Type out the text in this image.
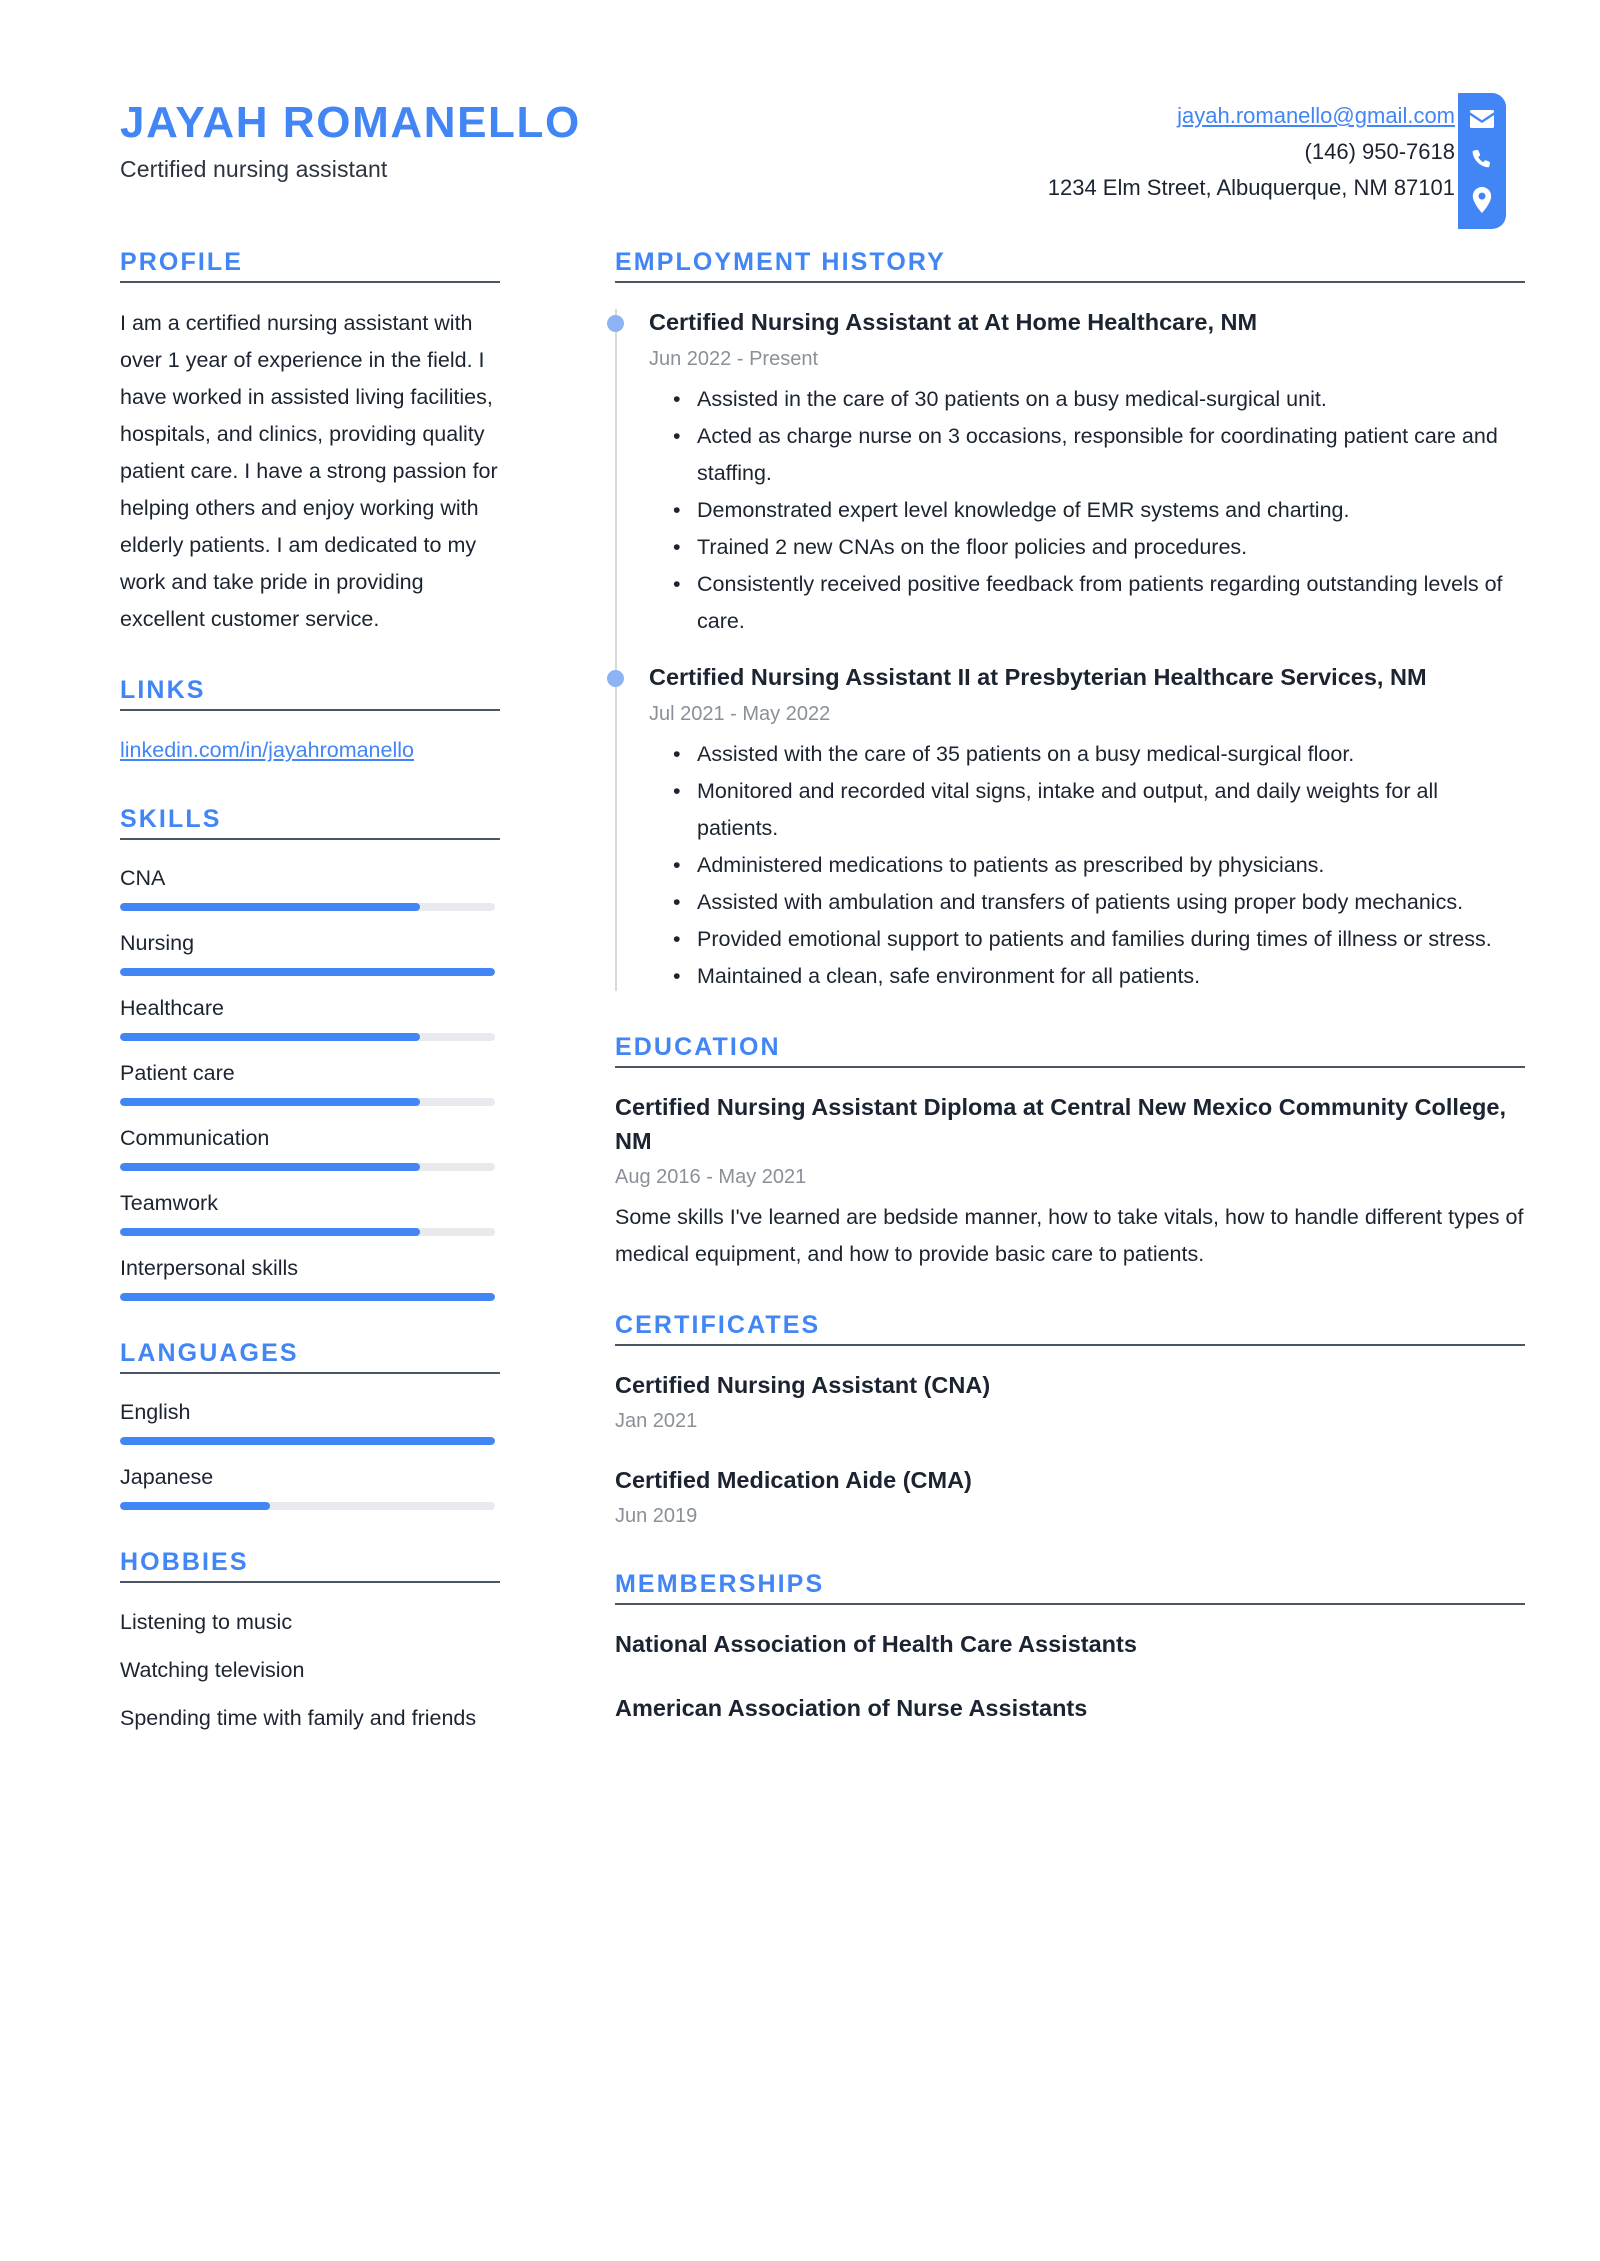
JAYAH ROMANELLO
Certified nursing assistant
jayah.romanello@gmail.com
(146) 950-7618
1234 Elm Street, Albuquerque, NM 87101
PROFILE
I am a certified nursing assistant with over 1 year of experience in the field. I have worked in assisted living facilities, hospitals, and clinics, providing quality patient care. I have a strong passion for helping others and enjoy working with elderly patients. I am dedicated to my work and take pride in providing excellent customer service.
LINKS
linkedin.com/in/jayahromanello
SKILLS
CNA
Nursing
Healthcare
Patient care
Communication
Teamwork
Interpersonal skills
LANGUAGES
English
Japanese
HOBBIES
Listening to music
Watching television
Spending time with family and friends
EMPLOYMENT HISTORY
Certified Nursing Assistant at At Home Healthcare, NM
Jun 2022 - Present
• Assisted in the care of 30 patients on a busy medical-surgical unit.
• Acted as charge nurse on 3 occasions, responsible for coordinating patient care and staffing.
• Demonstrated expert level knowledge of EMR systems and charting.
• Trained 2 new CNAs on the floor policies and procedures.
• Consistently received positive feedback from patients regarding outstanding levels of care.
Certified Nursing Assistant II at Presbyterian Healthcare Services, NM
Jul 2021 - May 2022
• Assisted with the care of 35 patients on a busy medical-surgical floor.
• Monitored and recorded vital signs, intake and output, and daily weights for all patients.
• Administered medications to patients as prescribed by physicians.
• Assisted with ambulation and transfers of patients using proper body mechanics.
• Provided emotional support to patients and families during times of illness or stress.
• Maintained a clean, safe environment for all patients.
EDUCATION
Certified Nursing Assistant Diploma at Central New Mexico Community College, NM
Aug 2016 - May 2021
Some skills I've learned are bedside manner, how to take vitals, how to handle different types of medical equipment, and how to provide basic care to patients.
CERTIFICATES
Certified Nursing Assistant (CNA)
Jan 2021
Certified Medication Aide (CMA)
Jun 2019
MEMBERSHIPS
National Association of Health Care Assistants
American Association of Nurse Assistants
